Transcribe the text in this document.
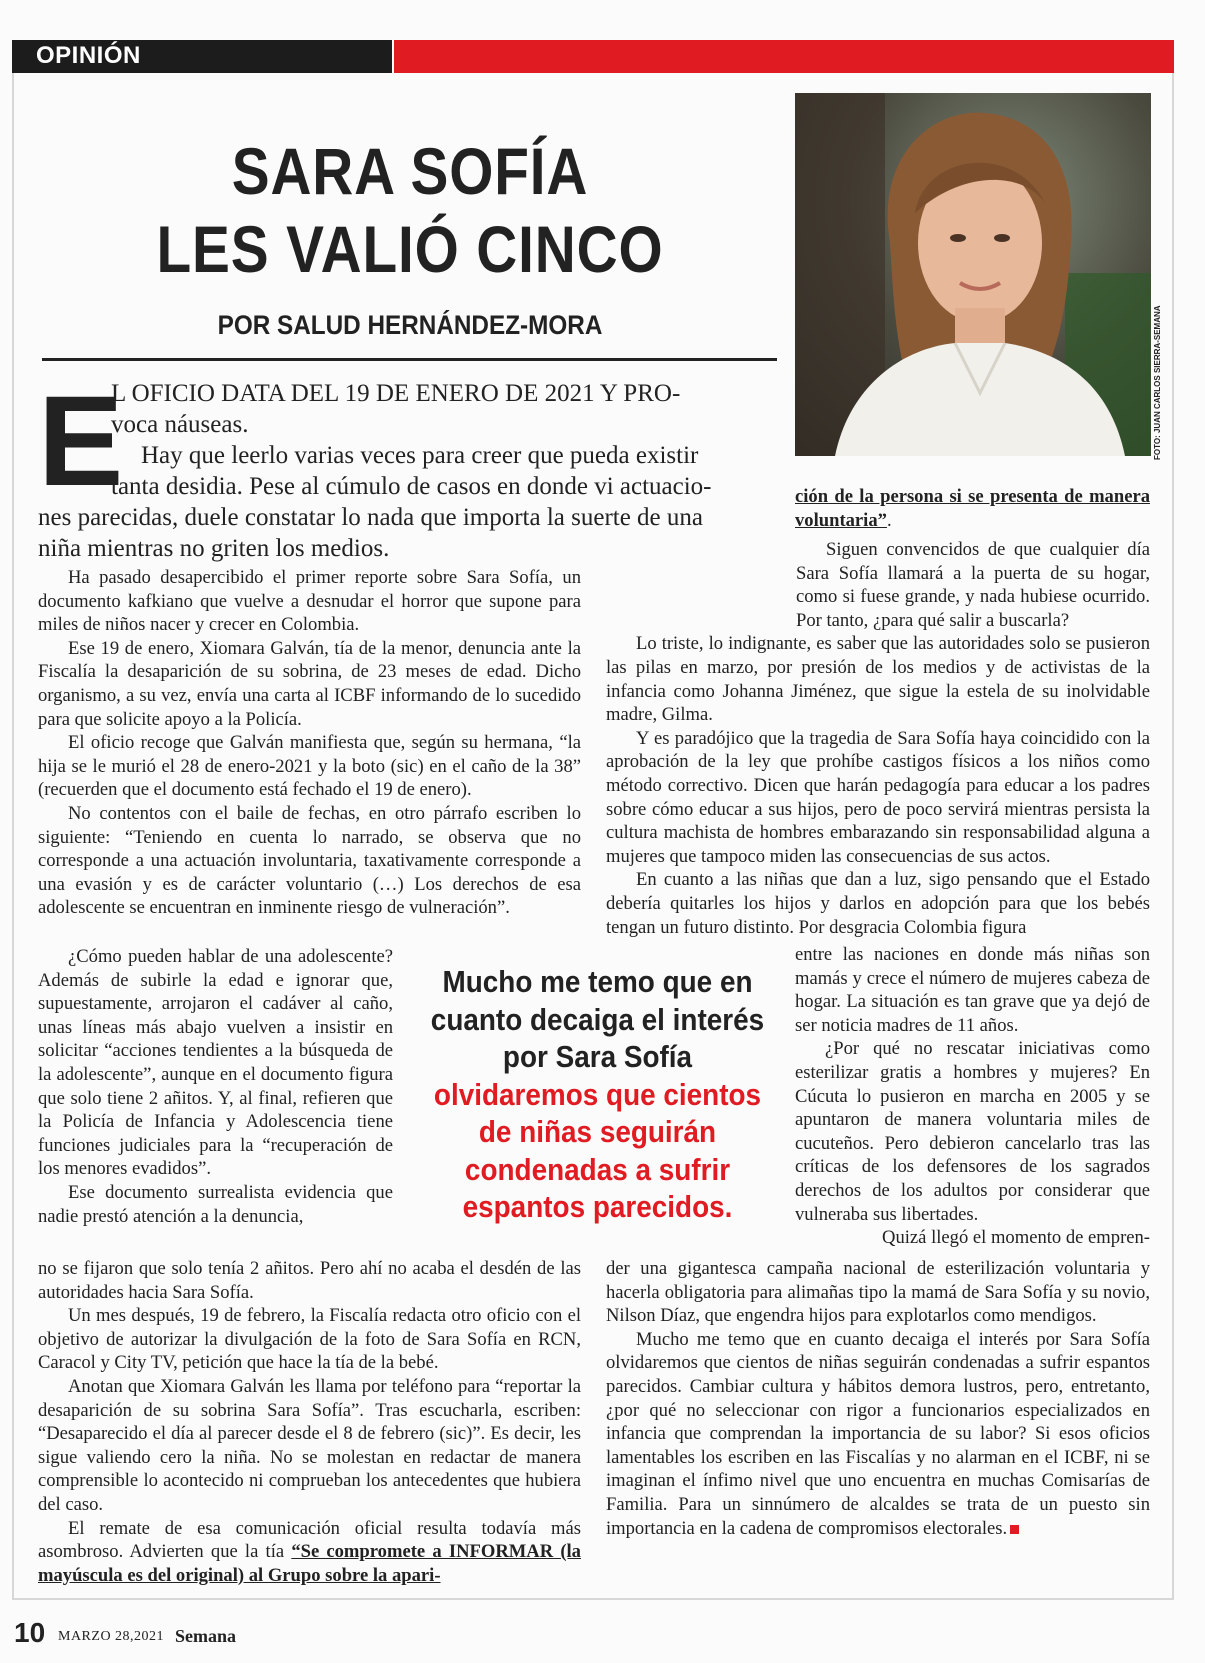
OPINIÓN
SARA SOFÍA
LES VALIÓ CINCO
POR SALUD HERNÁNDEZ-MORA	FOTO: JUAN CARLOS SIERRA-SEMANA
E
L OFICIO DATA DEL 19 DE ENERO DE 2021 Y PRO-
voca náuseas.
Hay que leerlo varias veces para creer que pueda existir
tanta desidia. Pese al cúmulo de casos en donde vi actuacio-
nes parecidas, duele constatar lo nada que importa la suerte de una
niña mientras no griten los medios.

Ha pasado desapercibido el primer reporte sobre Sara Sofía, un documento kafkiano que vuelve a desnudar el horror que supone para miles de niños nacer y crecer en Colombia.

Ese 19 de enero, Xiomara Galván, tía de la menor, denuncia ante la Fiscalía la desaparición de su sobrina, de 23 meses de edad. Dicho organismo, a su vez, envía una carta al ICBF informando de lo sucedido para que solicite apoyo a la Policía.

El oficio recoge que Galván manifiesta que, según su hermana, “la hija se le murió el 28 de enero-2021 y la boto (sic) en el caño de la 38” (recuerden que el documento está fechado el 19 de enero).

No contentos con el baile de fechas, en otro párrafo escriben lo siguiente: “Teniendo en cuenta lo narrado, se observa que no corresponde a una actuación involuntaria, taxativamente corresponde a una evasión y es de carácter voluntario (…) Los derechos de esa adolescente se encuentran en inminente riesgo de vulneración”.

¿Cómo pueden hablar de una adolescente? Además de subirle la edad e ignorar que, supuestamente, arrojaron el cadáver al caño, unas líneas más abajo vuelven a insistir en solicitar “acciones tendientes a la búsqueda de la adolescente”, aunque en el documento figura que solo tiene 2 añitos. Y, al final, refieren que la Policía de Infancia y Adolescencia tiene funciones judiciales para la “recuperación de los menores evadidos”.

Ese documento surrealista evidencia que nadie prestó atención a la denuncia,

Mucho me temo que en cuanto decaiga el interés por Sara Sofía olvidaremos que cientos de niñas seguirán condenadas a sufrir espantos parecidos.

no se fijaron que solo tenía 2 añitos. Pero ahí no acaba el desdén de las autoridades hacia Sara Sofía.

Un mes después, 19 de febrero, la Fiscalía redacta otro oficio con el objetivo de autorizar la divulgación de la foto de Sara Sofía en RCN, Caracol y City TV, petición que hace la tía de la bebé.

Anotan que Xiomara Galván les llama por teléfono para “reportar la desaparición de su sobrina Sara Sofía”. Tras escucharla, escriben: “Desaparecido el día al parecer desde el 8 de febrero (sic)”. Es decir, les sigue valiendo cero la niña. No se molestan en redactar de manera comprensible lo acontecido ni comprueban los antecedentes que hubiera del caso.

El remate de esa comunicación oficial resulta todavía más asombroso. Advierten que la tía “Se compromete a INFORMAR (la mayúscula es del original) al Grupo sobre la apari-

ción de la persona si se presenta de manera voluntaria”.

Siguen convencidos de que cualquier día Sara Sofía llamará a la puerta de su hogar, como si fuese grande, y nada hubiese ocurrido. Por tanto, ¿para qué salir a buscarla?

Lo triste, lo indignante, es saber que las autoridades solo se pusieron las pilas en marzo, por presión de los medios y de activistas de la infancia como Johanna Jiménez, que sigue la estela de su inolvidable madre, Gilma.

Y es paradójico que la tragedia de Sara Sofía haya coincidido con la aprobación de la ley que prohíbe castigos físicos a los niños como método correctivo. Dicen que harán pedagogía para educar a los padres sobre cómo educar a sus hijos, pero de poco servirá mientras persista la cultura machista de hombres embarazando sin responsabilidad alguna a mujeres que tampoco miden las consecuencias de sus actos.

En cuanto a las niñas que dan a luz, sigo pensando que el Estado debería quitarles los hijos y darlos en adopción para que los bebés tengan un futuro distinto. Por desgracia Colombia figura

entre las naciones en donde más niñas son mamás y crece el número de mujeres cabeza de hogar. La situación es tan grave que ya dejó de ser noticia madres de 11 años.

¿Por qué no rescatar iniciativas como esterilizar gratis a hombres y mujeres? En Cúcuta lo pusieron en marcha en 2005 y se apuntaron de manera voluntaria miles de cucuteños. Pero debieron cancelarlo tras las críticas de los defensores de los sagrados derechos de los adultos por considerar que vulneraba sus libertades.

Quizá llegó el momento de empren-

der una gigantesca campaña nacional de esterilización voluntaria y hacerla obligatoria para alimañas tipo la mamá de Sara Sofía y su novio, Nilson Díaz, que engendra hijos para explotarlos como mendigos.

Mucho me temo que en cuanto decaiga el interés por Sara Sofía olvidaremos que cientos de niñas seguirán condenadas a sufrir espantos parecidos. Cambiar cultura y hábitos demora lustros, pero, entretanto, ¿por qué no seleccionar con rigor a funcionarios especializados en infancia que comprendan la importancia de su labor? Si esos oficios lamentables los escriben en las Fiscalías y no alarman en el ICBF, ni se imaginan el ínfimo nivel que uno encuentra en muchas Comisarías de Familia. Para un sinnúmero de alcaldes se trata de un puesto sin importancia en la cadena de compromisos electorales.

10 MARZO 28,2021 Semana
